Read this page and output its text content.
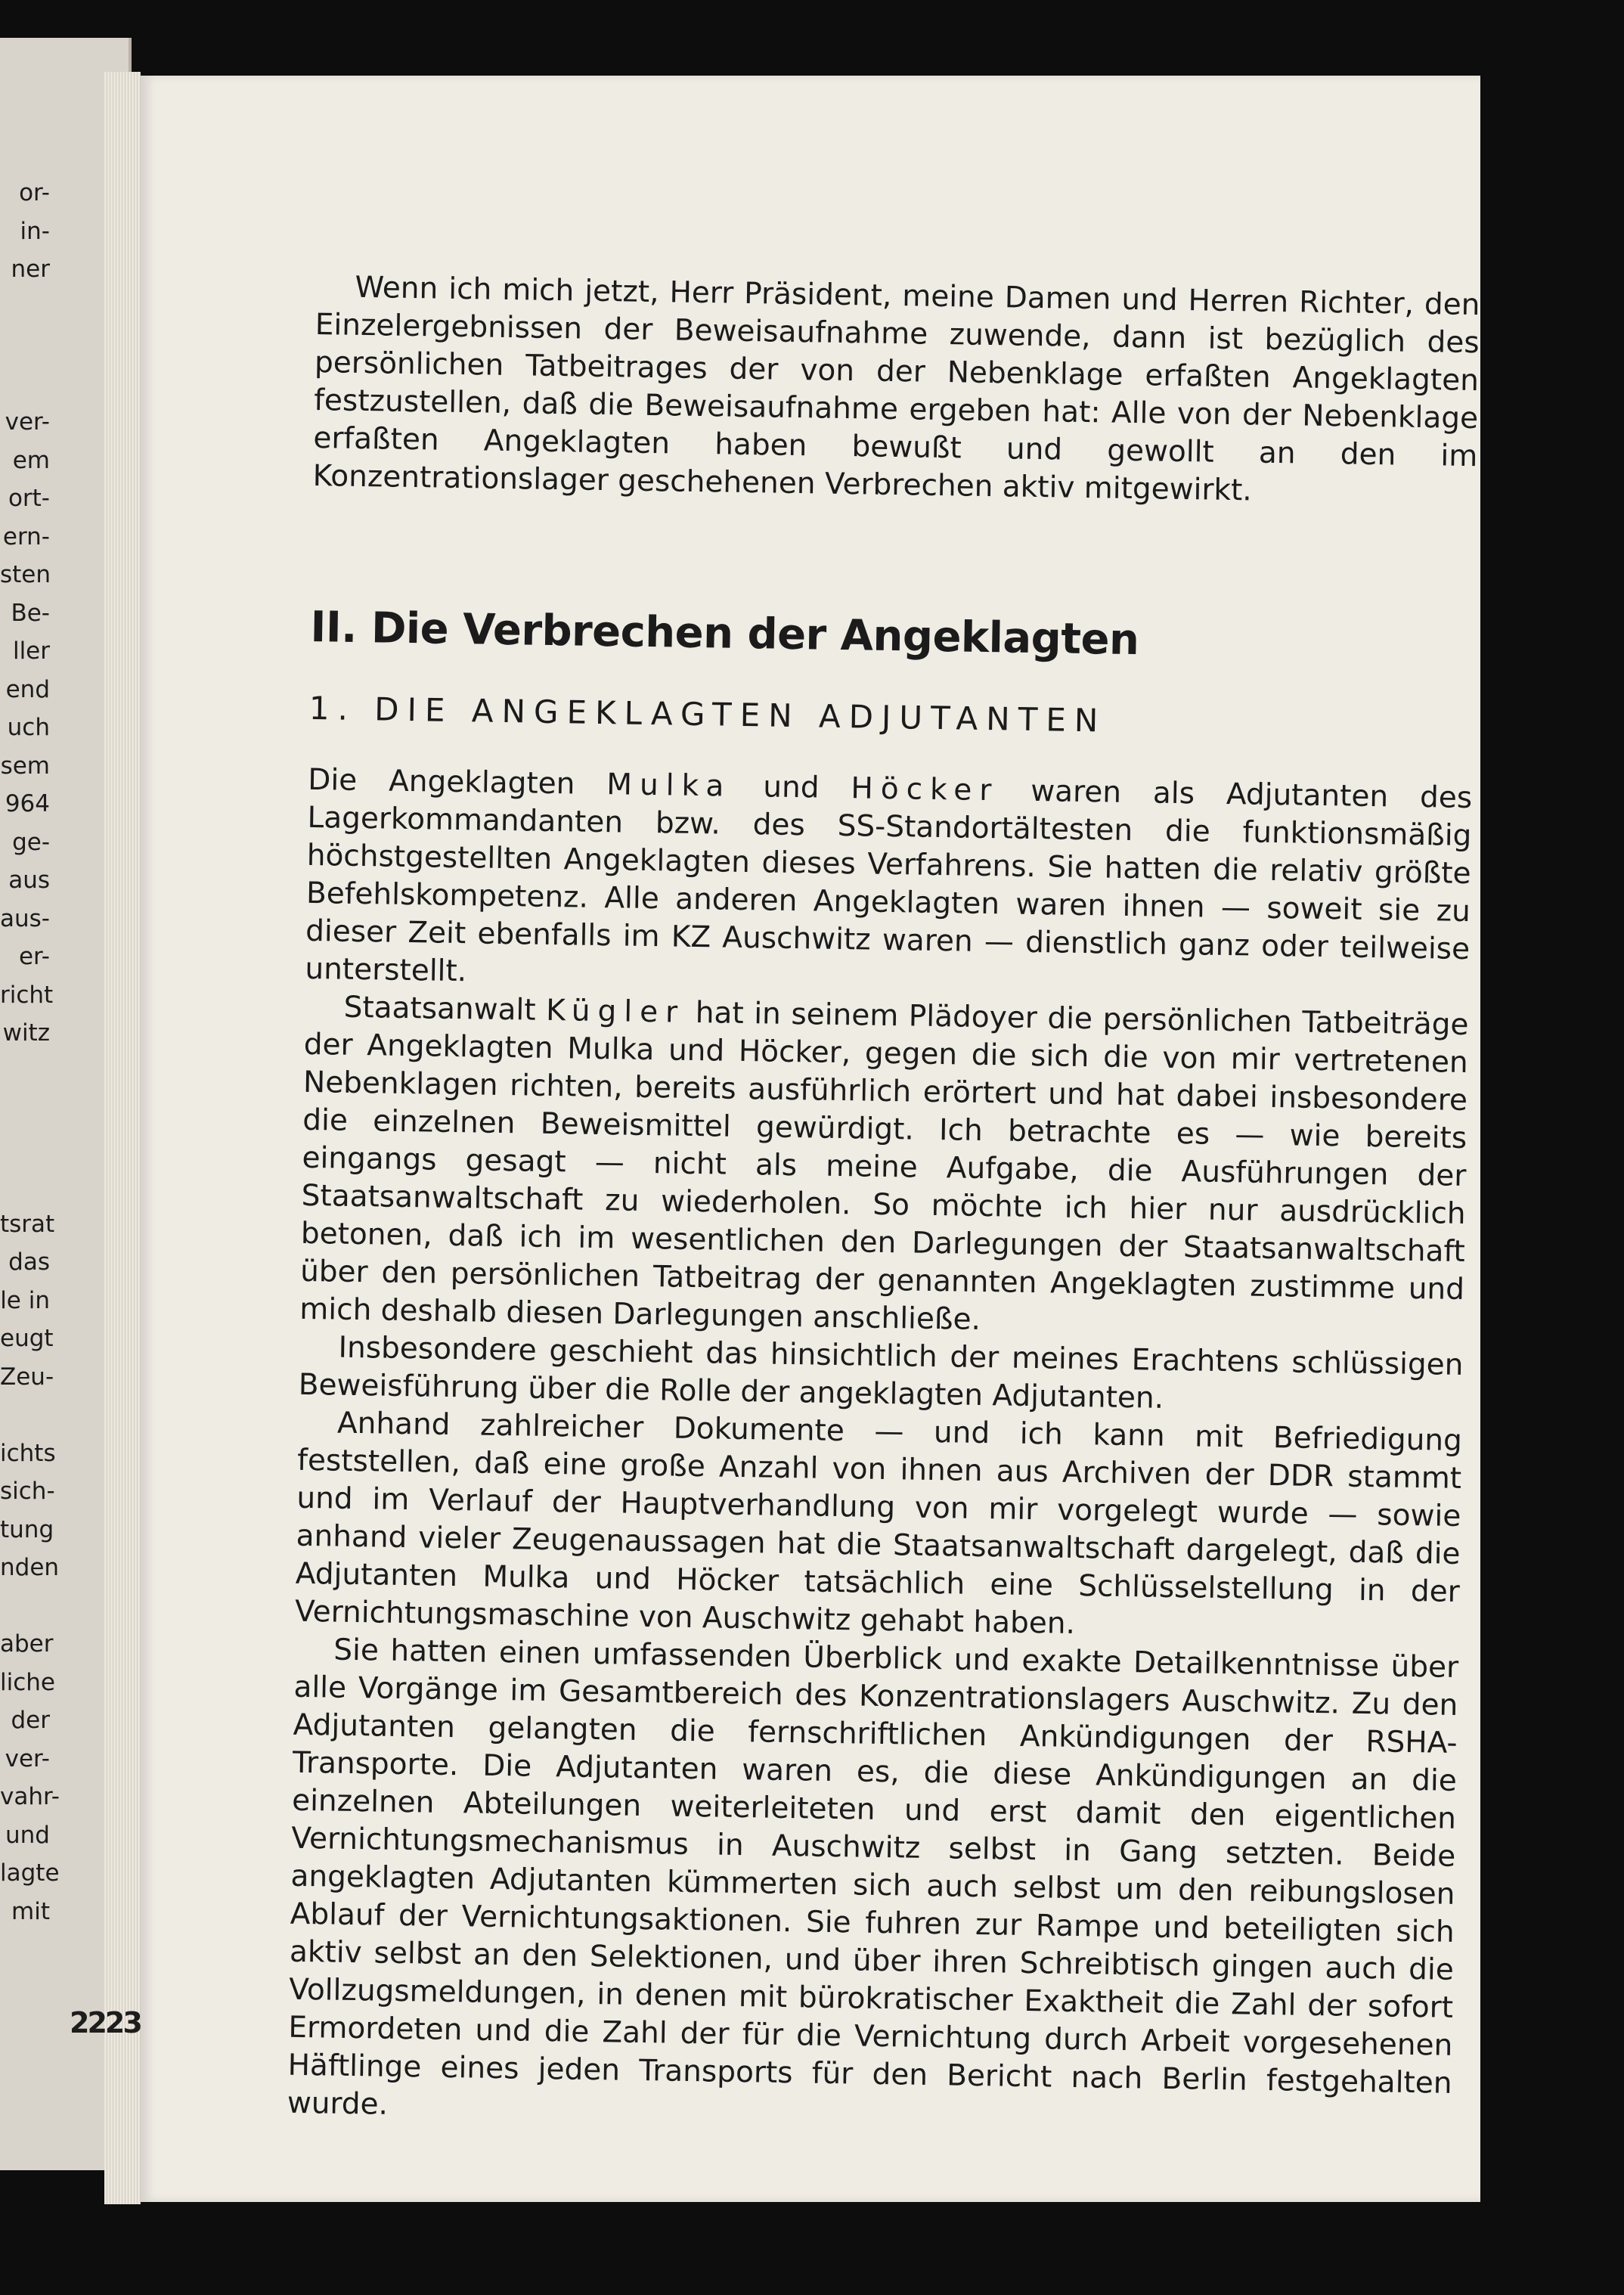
or-
in-
ner
ver-
em
ort-
ern-
sten
Be-
ller
end
uch
sem
964
ge-
aus
aus-
er-
richt
witz
tsrat
das
le in
eugt
Zeu-
ichts
sich-
tung
nden
aber
liche
der
ver-
vahr-
und
lagte
mit
2223

Wenn ich mich jetzt, Herr Präsident, meine Damen und Herren Richter, den Einzelergebnissen der Beweisaufnahme zuwende, dann ist bezüglich des persönlichen Tatbeitrages der von der Nebenklage erfaßten Angeklagten festzustellen, daß die Beweisaufnahme ergeben hat: Alle von der Nebenklage erfaßten Angeklagten haben bewußt und gewollt an den im Konzentrationslager geschehenen Verbrechen aktiv mitgewirkt.

II. Die Verbrechen der Angeklagten
1. DIE ANGEKLAGTEN ADJUTANTEN

Die Angeklagten Mulka und Höcker waren als Adjutanten des Lagerkommandanten bzw. des SS-Standortältesten die funktionsmäßig höchstgestellten Angeklagten dieses Verfahrens. Sie hatten die relativ größte Befehlskompetenz. Alle anderen Angeklagten waren ihnen — soweit sie zu dieser Zeit ebenfalls im KZ Auschwitz waren — dienstlich ganz oder teilweise unterstellt.

Staatsanwalt Kügler hat in seinem Plädoyer die persönlichen Tatbeiträge der Angeklagten Mulka und Höcker, gegen die sich die von mir vertretenen Nebenklagen richten, bereits ausführlich erörtert und hat dabei insbesondere die einzelnen Beweismittel gewürdigt. Ich betrachte es — wie bereits eingangs gesagt — nicht als meine Aufgabe, die Ausführungen der Staatsanwaltschaft zu wiederholen. So möchte ich hier nur ausdrücklich betonen, daß ich im wesentlichen den Darlegungen der Staatsanwaltschaft über den persönlichen Tatbeitrag der genannten Angeklagten zustimme und mich deshalb diesen Darlegungen anschließe.

Insbesondere geschieht das hinsichtlich der meines Erachtens schlüssigen Beweisführung über die Rolle der angeklagten Adjutanten.

Anhand zahlreicher Dokumente — und ich kann mit Befriedigung feststellen, daß eine große Anzahl von ihnen aus Archiven der DDR stammt und im Verlauf der Hauptverhandlung von mir vorgelegt wurde — sowie anhand vieler Zeugenaussagen hat die Staatsanwaltschaft dargelegt, daß die Adjutanten Mulka und Höcker tatsächlich eine Schlüsselstellung in der Vernichtungsmaschine von Auschwitz gehabt haben.

Sie hatten einen umfassenden Überblick und exakte Detailkenntnisse über alle Vorgänge im Gesamtbereich des Konzentrationslagers Auschwitz. Zu den Adjutanten gelangten die fernschriftlichen Ankündigungen der RSHA-Transporte. Die Adjutanten waren es, die diese Ankündigungen an die einzelnen Abteilungen weiterleiteten und erst damit den eigentlichen Vernichtungsmechanismus in Auschwitz selbst in Gang setzten. Beide angeklagten Adjutanten kümmerten sich auch selbst um den reibungslosen Ablauf der Vernichtungsaktionen. Sie fuhren zur Rampe und beteiligten sich aktiv selbst an den Selektionen, und über ihren Schreibtisch gingen auch die Vollzugsmeldungen, in denen mit bürokratischer Exaktheit die Zahl der sofort Ermordeten und die Zahl der für die Vernichtung durch Arbeit vorgesehenen Häftlinge eines jeden Transports für den Bericht nach Berlin festgehalten wurde.
